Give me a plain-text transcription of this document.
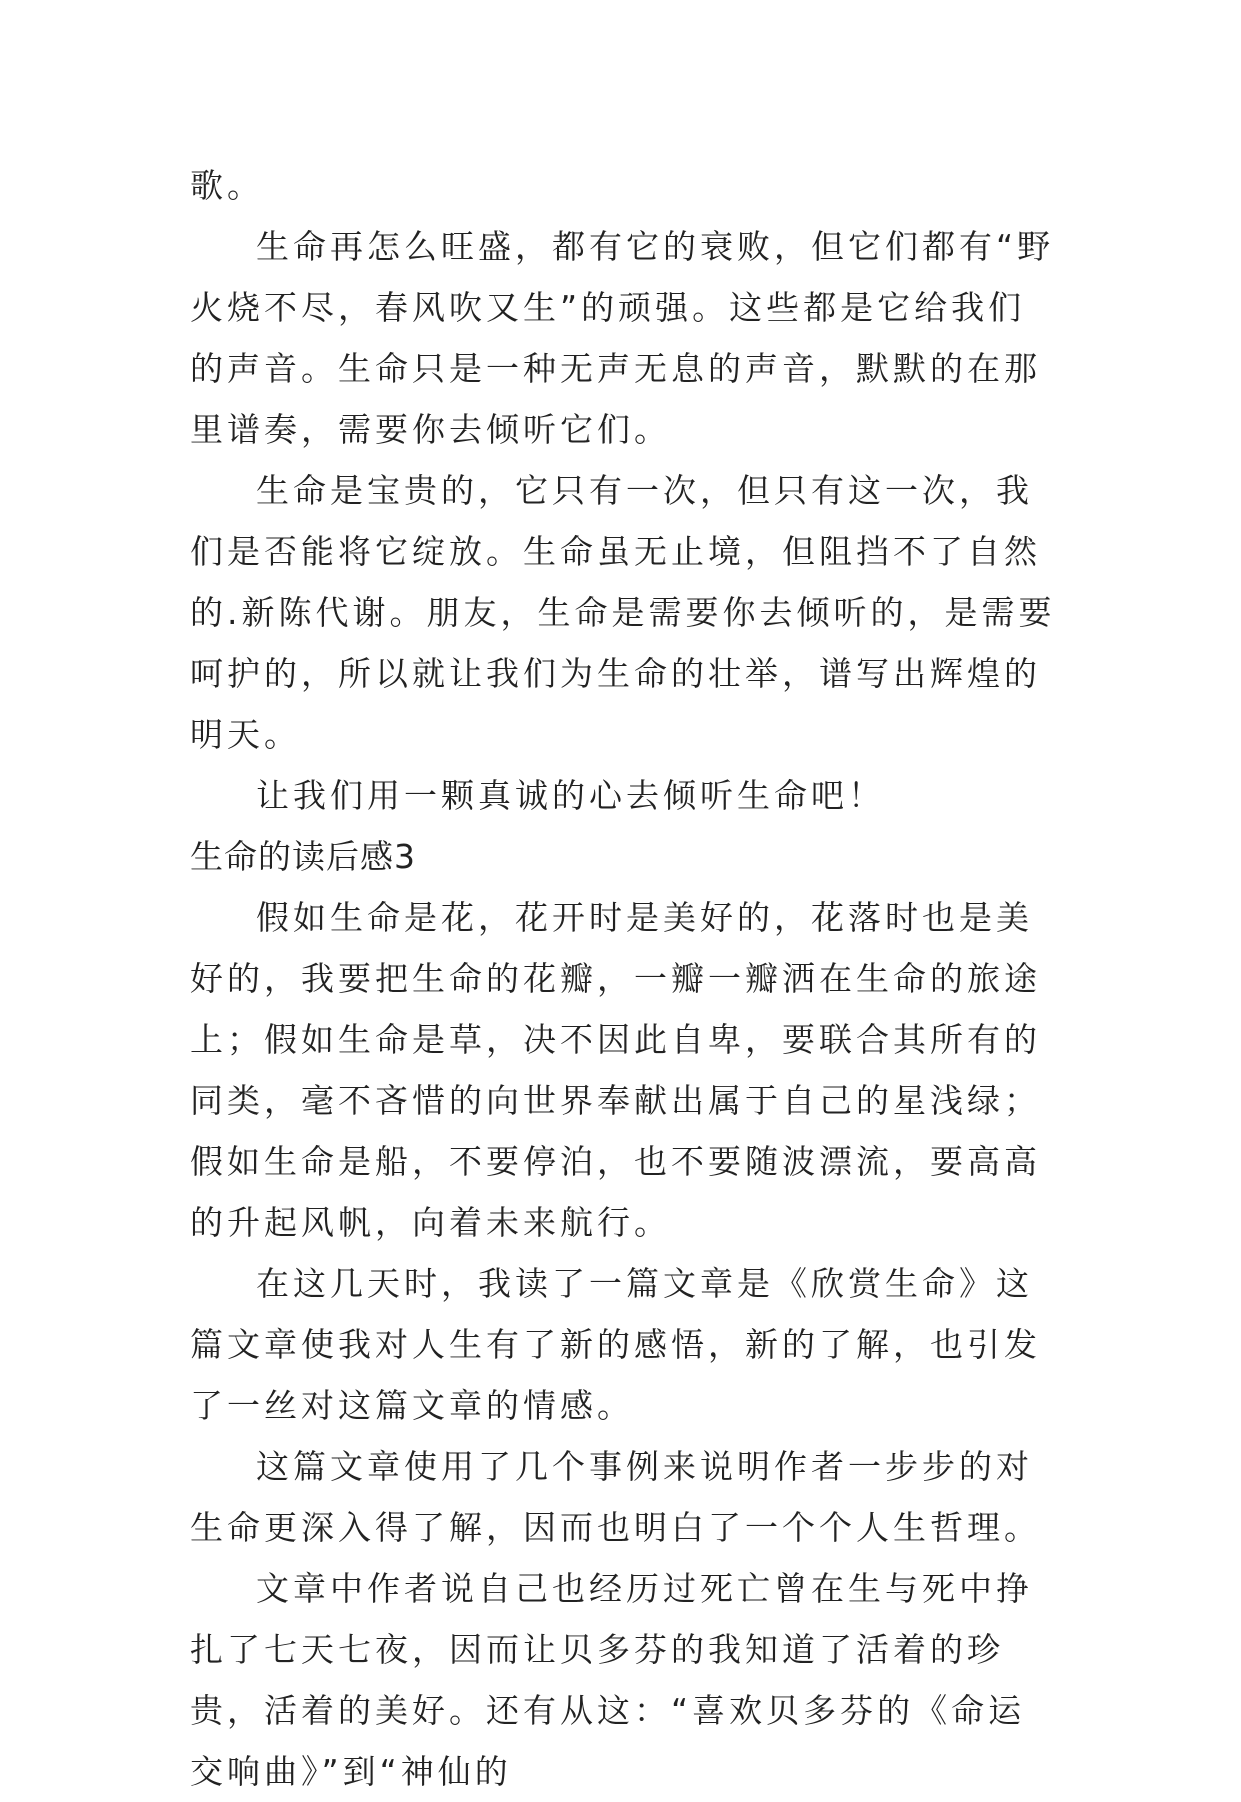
歌。

生命再怎么旺盛，都有它的衰败，但它们都有“野火烧不尽，春风吹又生”的顽强。这些都是它给我们的声音。生命只是一种无声无息的声音，默默的在那里谱奏，需要你去倾听它们。

生命是宝贵的，它只有一次，但只有这一次，我们是否能将它绽放。生命虽无止境，但阻挡不了自然的.新陈代谢。朋友，生命是需要你去倾听的，是需要呵护的，所以就让我们为生命的壮举，谱写出辉煌的明天。

让我们用一颗真诚的心去倾听生命吧！

生命的读后感3

假如生命是花，花开时是美好的，花落时也是美好的，我要把生命的花瓣，一瓣一瓣洒在生命的旅途上；假如生命是草，决不因此自卑，要联合其所有的同类，毫不吝惜的向世界奉献出属于自己的星浅绿；假如生命是船，不要停泊，也不要随波漂流，要高高的升起风帆，向着未来航行。

在这几天时，我读了一篇文章是《欣赏生命》这篇文章使我对人生有了新的感悟，新的了解，也引发了一丝对这篇文章的情感。

这篇文章使用了几个事例来说明作者一步步的对生命更深入得了解，因而也明白了一个个人生哲理。

文章中作者说自己也经历过死亡曾在生与死中挣扎了七天七夜，因而让贝多芬的我知道了活着的珍贵，活着的美好。还有从这：“喜欢贝多芬的《命运交响曲》”到“神仙的
